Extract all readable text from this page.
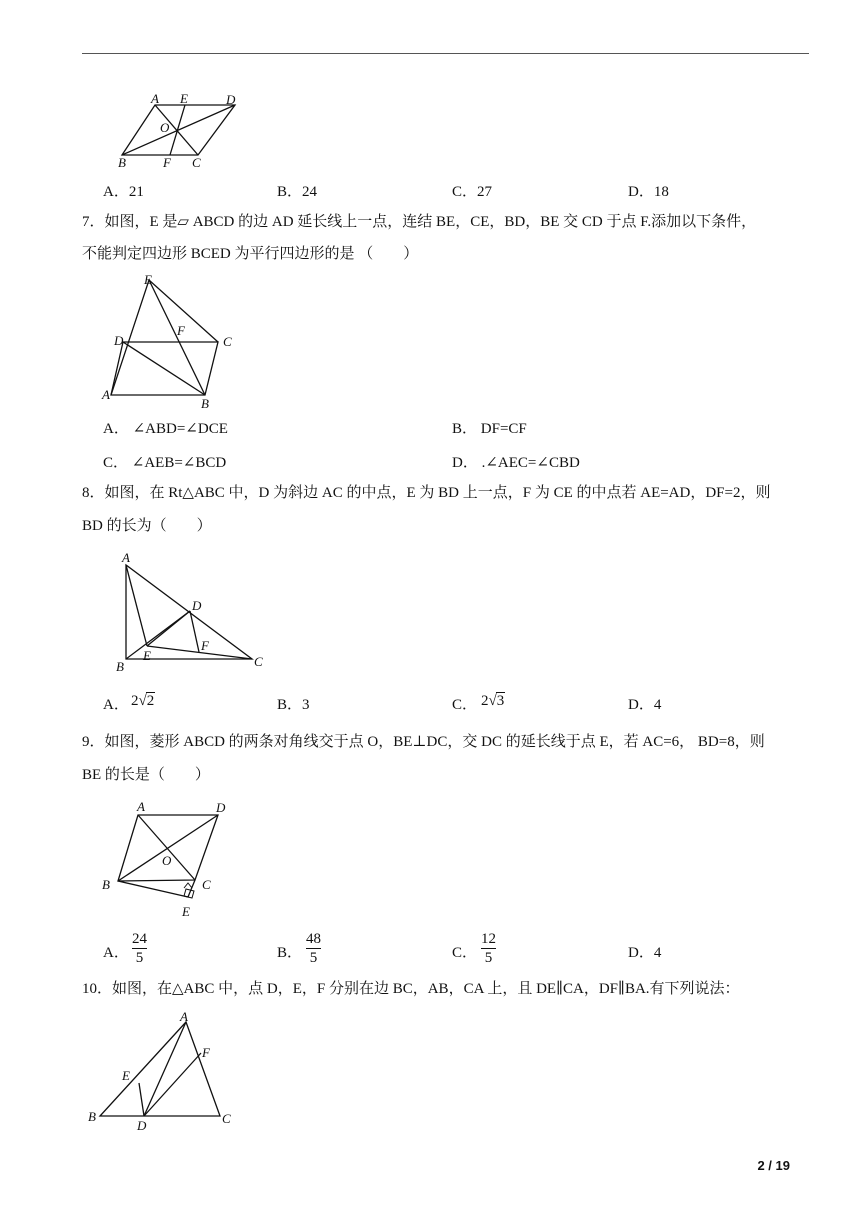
A E	D
O
B	F C
A．21	B．24	C．27	D．18
7．如图，E 是▱ ABCD 的边 AD 延长线上一点，连结 BE，CE，BD，BE 交 CD 于点 F.添加以下条件，
不能判定四边形 BCED 为平行四边形的是 （　　）
E
D
F
C
A
B
A． ∠ABD=∠DCE	B． DF=CF
C． ∠AEB=∠BCD	D． .∠AEC=∠CBD
8．如图，在 Rt△ABC 中，D 为斜边 AC 的中点，E 为 BD 上一点，F 为 CE 的中点若 AE=AD，DF=2，则
BD 的长为（　　）
A
D
F
E
B	C
A． 2√2	B．3	C． 2√3	D．4
9．如图，菱形 ABCD 的两条对角线交于点 O，BE⊥DC，交 DC 的延长线于点 E，若 AC=6， BD=8，则
BE 的长是（　　）
A	D
O
B	C
E
A．
24
5	B．
48
5	C．
12
5	D．4
10．如图，在△ABC 中，点 D，E，F 分别在边 BC，AB，CA 上，且 DE∥CA，DF∥BA.有下列说法：
A
F
E
B
D	C
2 / 19
